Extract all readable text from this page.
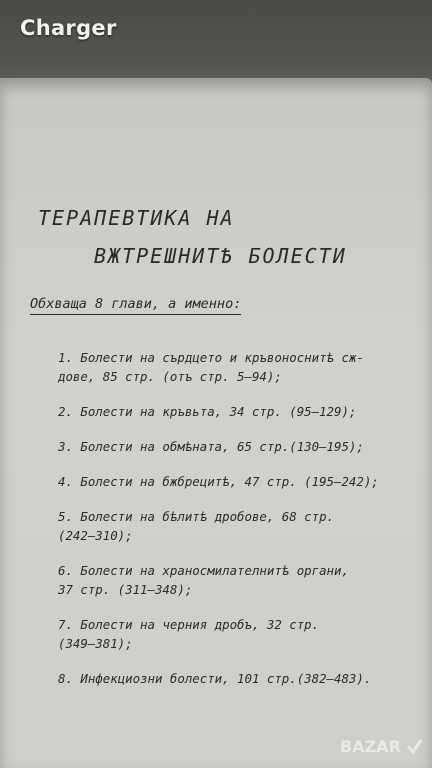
Charger
ТЕРАПЕВТИКА НА
ВЖТРЕШНИТѢ БОЛЕСТИ
Обхваща 8 глави, а именно:
1. Болести на сърдцето и кръвоноснитѣ сж-
дове, 85 стр. (отъ стр. 5—94);
2. Болести на кръвьта, 34 стр. (95—129);
3. Болести на обмѣната, 65 стр.(130—195);
4. Болести на бжбрецитѣ, 47 стр. (195—242);
5. Болести на бѣлитѣ дробове, 68 стр.
(242—310);
6. Болести на храносмилателнитѣ органи,
37 стр. (311—348);
7. Болести на черния дробъ, 32 стр.
(349—381);
8. Инфекциозни болести, 101 стр.(382—483).
BAZAR
